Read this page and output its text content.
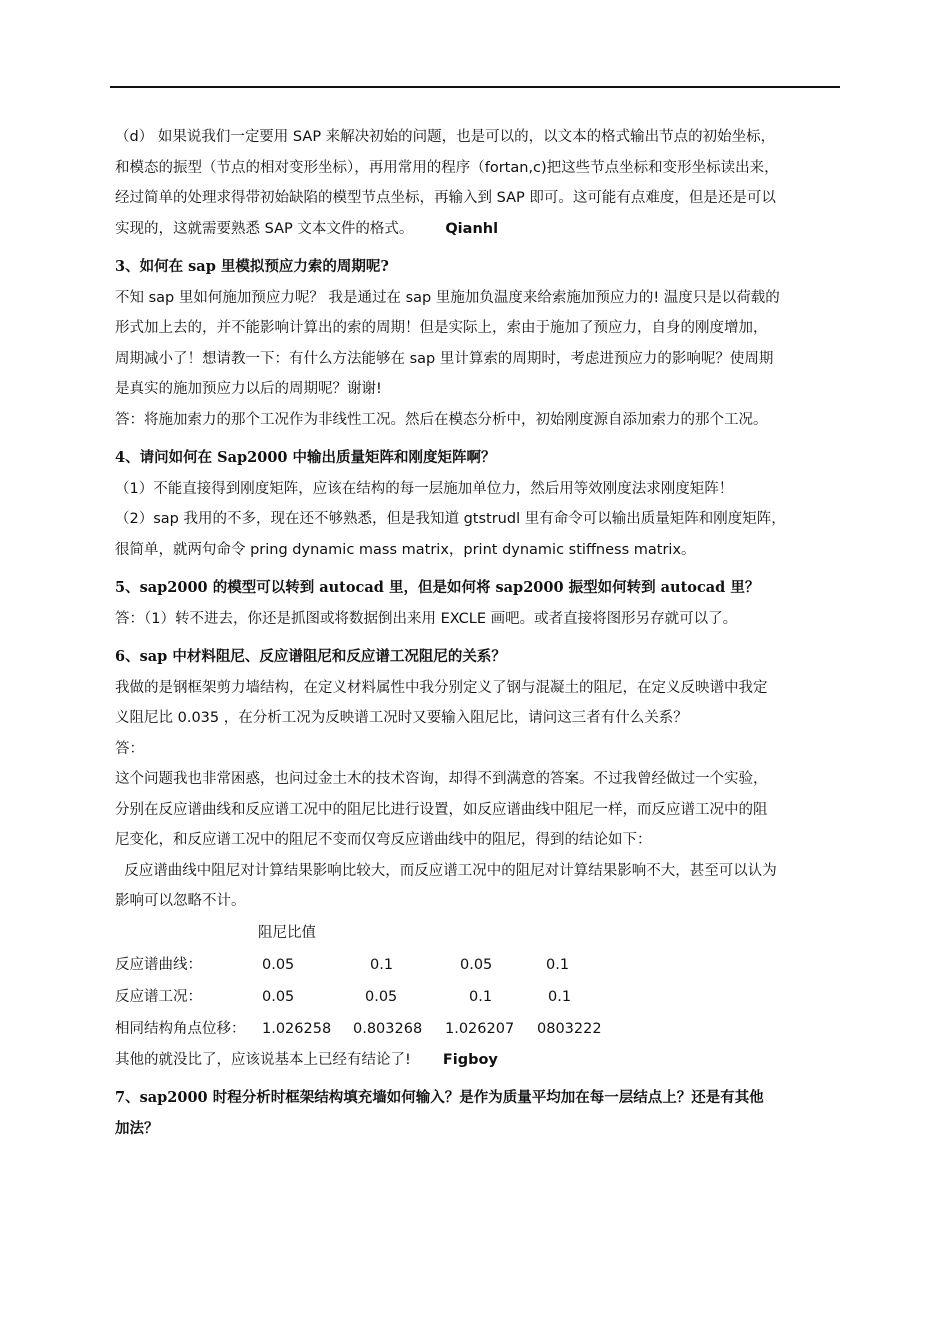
（d） 如果说我们一定要用 SAP 来解决初始的问题，也是可以的，以文本的格式输出节点的初始坐标，
和模态的振型（节点的相对变形坐标），再用常用的程序（fortan,c)把这些节点坐标和变形坐标读出来，
经过简单的处理求得带初始缺陷的模型节点坐标，再输入到 SAP 即可。这可能有点难度，但是还是可以
实现的，这就需要熟悉 SAP 文本文件的格式。 Qianhl
3、如何在 sap 里模拟预应力索的周期呢?
不知 sap 里如何施加预应力呢？ 我是通过在 sap 里施加负温度来给索施加预应力的! 温度只是以荷载的
形式加上去的，并不能影响计算出的索的周期！但是实际上，索由于施加了预应力，自身的刚度增加，
周期减小了！想请教一下：有什么方法能够在 sap 里计算索的周期时，考虑进预应力的影响呢？使周期
是真实的施加预应力以后的周期呢？谢谢!
答：将施加索力的那个工况作为非线性工况。然后在模态分析中，初始刚度源自添加索力的那个工况。
4、请问如何在 Sap2000 中输出质量矩阵和刚度矩阵啊？
（1）不能直接得到刚度矩阵，应该在结构的每一层施加单位力，然后用等效刚度法求刚度矩阵！
（2）sap 我用的不多，现在还不够熟悉，但是我知道 gtstrudl 里有命令可以输出质量矩阵和刚度矩阵，
很简单，就两句命令 pring dynamic mass matrix，print dynamic stiffness matrix。
5、sap2000 的模型可以转到 autocad 里，但是如何将 sap2000 振型如何转到 autocad 里？
答：（1）转不进去，你还是抓图或将数据倒出来用 EXCLE 画吧。或者直接将图形另存就可以了。
6、sap 中材料阻尼、反应谱阻尼和反应谱工况阻尼的关系？
我做的是钢框架剪力墙结构，在定义材料属性中我分别定义了钢与混凝土的阻尼，在定义反映谱中我定
义阻尼比 0.035 ，在分析工况为反映谱工况时又要输入阻尼比，请问这三者有什么关系？
答：
这个问题我也非常困惑，也问过金土木的技术咨询，却得不到满意的答案。不过我曾经做过一个实验，
分别在反应谱曲线和反应谱工况中的阻尼比进行设置，如反应谱曲线中阻尼一样，而反应谱工况中的阻
尼变化，和反应谱工况中的阻尼不变而仅弯反应谱曲线中的阻尼，得到的结论如下：
反应谱曲线中阻尼对计算结果影响比较大，而反应谱工况中的阻尼对计算结果影响不大，甚至可以认为
影响可以忽略不计。
阻尼比值
反应谱曲线：	0.05	0.1	0.05	0.1
反应谱工况：	0.05	0.05	0.1	0.1
相同结构角点位移： 1.026258 0.803268 1.026207 0803222
其他的就没比了，应该说基本上已经有结论了! Figboy
7、sap2000 时程分析时框架结构填充墙如何输入？是作为质量平均加在每一层结点上？还是有其他
加法？
